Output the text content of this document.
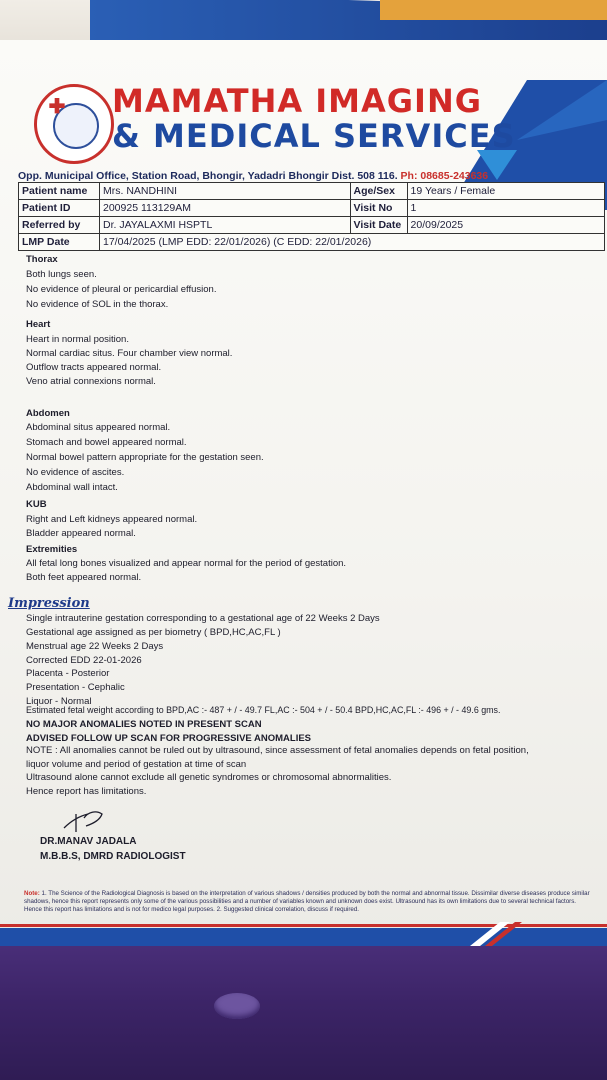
✚ MAMATHA IMAGING
& MEDICAL SERVICES
Opp. Municipal Office, Station Road, Bhongir, Yadadri Bhongir Dist. 508 116. Ph: 08685-243636
Patient name	Mrs. NANDHINI	Age/Sex	19 Years / Female
Patient ID	200925 113129AM	Visit No	1
Referred by	Dr. JAYALAXMI HSPTL	Visit Date	20/09/2025
LMP Date	17/04/2025 (LMP EDD: 22/01/2026) (C EDD: 22/01/2026)		
Thorax
Both lungs seen.
No evidence of pleural or pericardial effusion.
No evidence of SOL in the thorax.
Heart
Heart in normal position.
Normal cardiac situs. Four chamber view normal.
Outflow tracts appeared normal.
Veno atrial connexions normal.
Abdomen
Abdominal situs appeared normal.
Stomach and bowel appeared normal.
Normal bowel pattern appropriate for the gestation seen.
No evidence of ascites.
Abdominal wall intact.
KUB
Right and Left kidneys appeared normal.
Bladder appeared normal.
Extremities
All fetal long bones visualized and appear normal for the period of gestation.
Both feet appeared normal.
Impression
Single intrauterine gestation corresponding to a gestational age of 22 Weeks 2 Days
Gestational age assigned as per biometry ( BPD,HC,AC,FL )
Menstrual age 22 Weeks 2 Days
Corrected EDD 22-01-2026
Placenta - Posterior
Presentation - Cephalic
Liquor - Normal
Estimated fetal weight according to BPD,AC :- 487 + / - 49.7 FL,AC :- 504 + / - 50.4 BPD,HC,AC,FL :- 496 + / - 49.6 gms.
NO MAJOR ANOMALIES NOTED IN PRESENT SCAN
ADVISED FOLLOW UP SCAN FOR PROGRESSIVE ANOMALIES
NOTE : All anomalies cannot be ruled out by ultrasound, since assessment of fetal anomalies depends on fetal position,
liquor volume and period of gestation at time of scan
Ultrasound alone cannot exclude all genetic syndromes or chromosomal abnormalities.
Hence report has limitations.
DR.MANAV JADALA
M.B.B.S, DMRD RADIOLOGIST
Note: 1. The Science of the Radiological Diagnosis is based on the interpretation of various shadows / densities produced by both the normal and abnormal tissue. Dissimilar diverse diseases produce similar shadows, hence this report represents only some of the various possibilities and a number of variables known and unknown does exist. Ultrasound has its own limitations due to several technical factors. Hence this report has limitations and is not for medico legal purposes. 2. Suggested clinical correlation, discuss if required.
